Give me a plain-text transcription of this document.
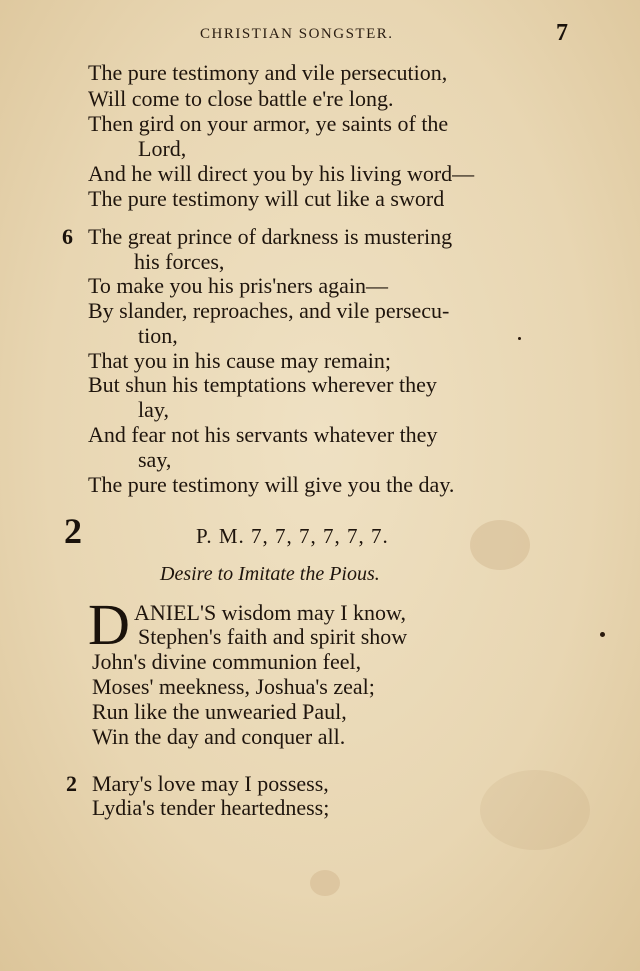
CHRISTIAN SONGSTER.	7
The pure testimony and vile persecution,
Will come to close battle e're long.
Then gird on your armor, ye saints of the
Lord,
And he will direct you by his living word—
The pure testimony will cut like a sword
6 The great prince of darkness is mustering
his forces,
To make you his pris'ners again—
By slander, reproaches, and vile persecu-
tion,
That you in his cause may remain;
But shun his temptations wherever they
lay,
And fear not his servants whatever they
say,
The pure testimony will give you the day.
2	P. M. 7, 7, 7, 7, 7, 7.
Desire to Imitate the Pious.
D ANIEL'S wisdom may I know,
Stephen's faith and spirit show
John's divine communion feel,
Moses' meekness, Joshua's zeal;
Run like the unwearied Paul,
Win the day and conquer all.
2 Mary's love may I possess,
Lydia's tender heartedness;
